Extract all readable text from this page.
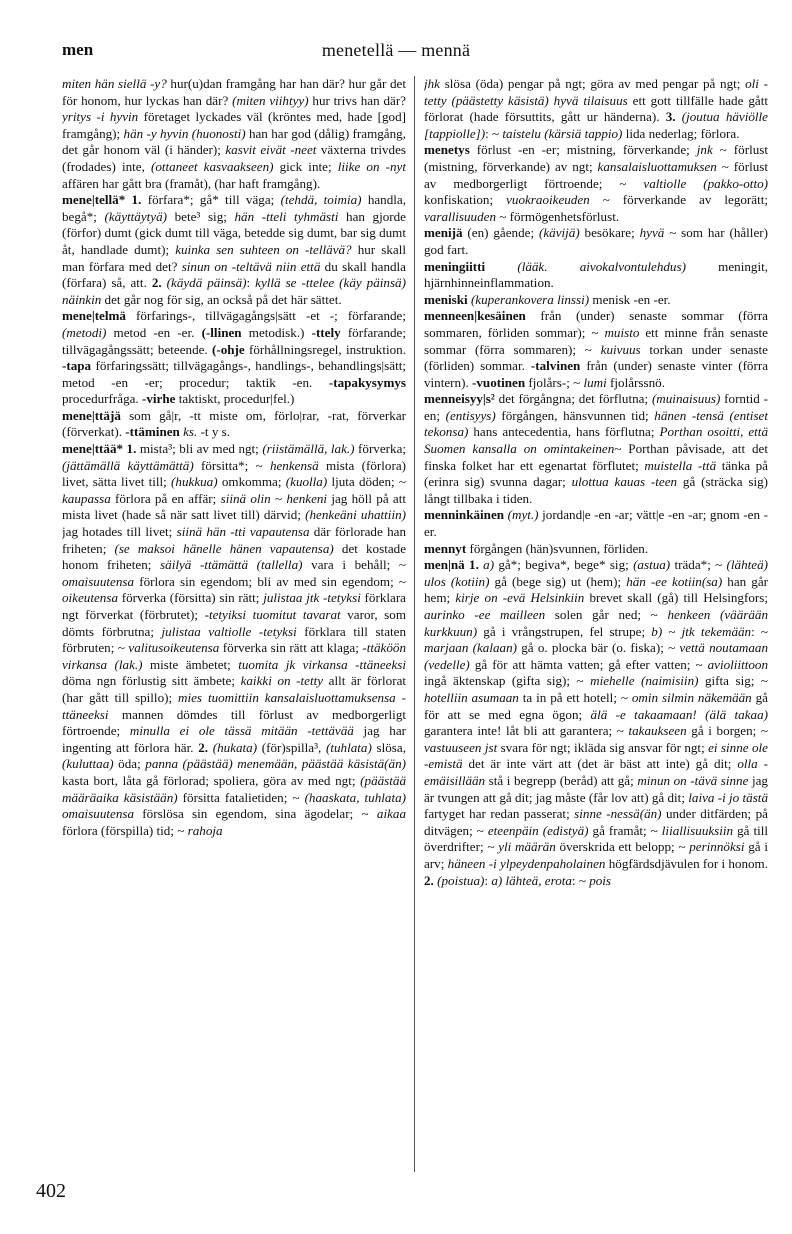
men	menetellä — mennä

miten hän siellä -y? hur(u)dan framgång har han där? hur går det för honom, hur lyckas han där? (miten viihtyy) hur trivs han där? yritys -i hyvin företaget lyckades väl (kröntes med, hade [god] framgång); hän -y hyvin (huonosti) han har god (dålig) framgång, det går honom väl (i händer); kasvit eivät -neet växterna trivdes (frodades) inte, (ottaneet kasvaakseen) gick inte; liike on -nyt affären har gått bra (framåt), (har haft framgång).

mene|tellä* 1. förfara*; gå* till väga; (tehdä, toimia) handla, begå*; (käyttäytyä) bete³ sig; hän -tteli tyhmästi han gjorde (förfor) dumt (gick dumt till väga, betedde sig dumt, bar sig dumt åt, handlade dumt); kuinka sen suhteen on -tellävä? hur skall man förfara med det? sinun on -teltävä niin että du skall handla (förfara) så, att. 2. (käydä päinsä): kyllä se -ttelee (käy päinsä) näinkin det går nog för sig, an också på det här sättet.

mene|telmä förfarings-, tillvägagångs|sätt -et -; förfarande; (metodi) metod -en -er. (-llinen metodisk.) -ttely förfarande; tillvägagångssätt; beteende. (-ohje förhållningsregel, instruktion. -tapa förfaringssätt; tillvägagångs-, handlings-, behandlings|sätt; metod -en -er; procedur; taktik -en. -tapakysymys procedurfråga. -virhe taktiskt, procedur|fel.)

mene|ttäjä som gå|r, -tt miste om, förlo|rar, -rat, förverkar (förverkat). -ttäminen ks. -t y s.

mene|ttää* 1. mista³; bli av med ngt; (riistämällä, lak.) förverka; (jättämällä käyttämättä) försitta*; ~ henkensä mista (förlora) livet, sätta livet till; (hukkua) omkomma; (kuolla) ljuta döden; ~ kaupassa förlora på en affär; siinä olin ~ henkeni jag höll på att mista livet (hade så när satt livet till) därvid; (henkeäni uhattiin) jag hotades till livet; siinä hän -tti vapautensa där förlorade han friheten; (se maksoi hänelle hänen vapautensa) det kostade honom friheten; säilyä -ttämättä (tallella) vara i behåll; ~ omaisuutensa förlora sin egendom; bli av med sin egendom; ~ oikeutensa förverka (försitta) sin rätt; julistaa jtk -tetyksi förklara ngt förverkat (förbrutet); -tetyiksi tuomitut tavarat varor, som dömts förbrutna; julistaa valtiolle -tetyksi förklara till staten förbruten; ~ valitusoikeutensa förverka sin rätt att klaga; -ttäköön virkansa (lak.) miste ämbetet; tuomita jk virkansa -ttäneeksi döma ngn förlustig sitt ämbete; kaikki on -tetty allt är förlorat (har gått till spillo); mies tuomittiin kansalaisluottamuksensa -ttäneeksi mannen dömdes till förlust av medborgerligt förtroende; minulla ei ole tässä mitään -tettävää jag har ingenting att förlora här. 2. (hukata) (för)spilla³, (tuhlata) slösa, (kuluttaa) öda; panna (päästää) menemään, päästää käsistä(än) kasta bort, låta gå förlorad; spoliera, göra av med ngt; (päästää määräaika käsistään) försitta fatalietiden; ~ (haaskata, tuhlata) omaisuutensa förslösa sin egendom, sina ägodelar; ~ aikaa förlora (förspilla) tid; ~ rahoja

jhk slösa (öda) pengar på ngt; göra av med pengar på ngt; oli -tetty (päästetty käsistä) hyvä tilaisuus ett gott tillfälle hade gått förlorat (hade försuttits, gått ur händerna). 3. (joutua häviölle [tappiolle]): ~ taistelu (kärsiä tappio) lida nederlag; förlora.

menetys förlust -en -er; mistning, förverkande; jnk ~ förlust (mistning, förverkande) av ngt; kansalaisluottamuksen ~ förlust av medborgerligt förtroende; ~ valtiolle (pakko-otto) konfiskation; vuokraoikeuden ~ förverkande av legorätt; varallisuuden ~ förmögenhetsförlust.

menijä (en) gående; (kävijä) besökare; hyvä ~ som har (håller) god fart.

meningiitti (lääk. aivokalvontulehdus) meningit, hjärnhinneinflammation.

meniski (kuperankovera linssi) menisk -en -er.

menneen|kesäinen från (under) senaste sommar (förra sommaren, förliden sommar); ~ muisto ett minne från senaste sommar (förra sommaren); ~ kuivuus torkan under senaste (förliden) sommar. -talvinen från (under) senaste vinter (förra vintern). -vuotinen fjolårs-; ~ lumi fjolårssnö.

menneisyy|s² det förgångna; det förflutna; (muinaisuus) forntid -en; (entisyys) förgången, hänsvunnen tid; hänen -tensä (entiset tekonsa) hans antecedentia, hans förflutna; Porthan osoitti, että Suomen kansalla on omintakeinen~ Porthan påvisade, att det finska folket har ett egenartat förflutet; muistella -ttä tänka på (erinra sig) svunna dagar; ulottua kauas -teen gå (sträcka sig) långt tillbaka i tiden.

menninkäinen (myt.) jordand|e -en -ar; vätt|e -en -ar; gnom -en -er.

mennyt förgången (hän)svunnen, förliden.

men|nä 1. a) gå*; begiva*, bege* sig; (astua) träda*; ~ (lähteä) ulos (kotiin) gå (bege sig) ut (hem); hän -ee kotiin(sa) han går hem; kirje on -evä Helsinkiin brevet skall (gå) till Helsingfors; aurinko -ee mailleen solen går ned; ~ henkeen (väärään kurkkuun) gå i vrångstrupen, fel strupe; b) ~ jtk tekemään: ~ marjaan (kalaan) gå o. plocka bär (o. fiska); ~ vettä noutamaan (vedelle) gå för att hämta vatten; gå efter vatten; ~ avioliittoon ingå äktenskap (gifta sig); ~ miehelle (naimisiin) gifta sig; ~ hotelliin asumaan ta in på ett hotell; ~ omin silmin näkemään gå för att se med egna ögon; älä -e takaamaan! (älä takaa) garantera inte! låt bli att garantera; ~ takaukseen gå i borgen; ~ vastuuseen jst svara för ngt; ikläda sig ansvar för ngt; ei sinne ole -emistä det är inte värt att (det är bäst att inte) gå dit; olla -emäisillään stå i begrepp (beråd) att gå; minun on -tävä sinne jag är tvungen att gå dit; jag måste (får lov att) gå dit; laiva -i jo tästä fartyget har redan passerat; sinne -nessä(än) under ditfärden; på ditvägen; ~ eteenpäin (edistyä) gå framåt; ~ liiallisuuksiin gå till överdrifter; ~ yli määrän överskrida ett belopp; ~ perinnöksi gå i arv; häneen -i ylpeydenpaholainen högfärdsdjävulen for i honom. 2. (poistua): a) lähteä, erota: ~ pois

402
